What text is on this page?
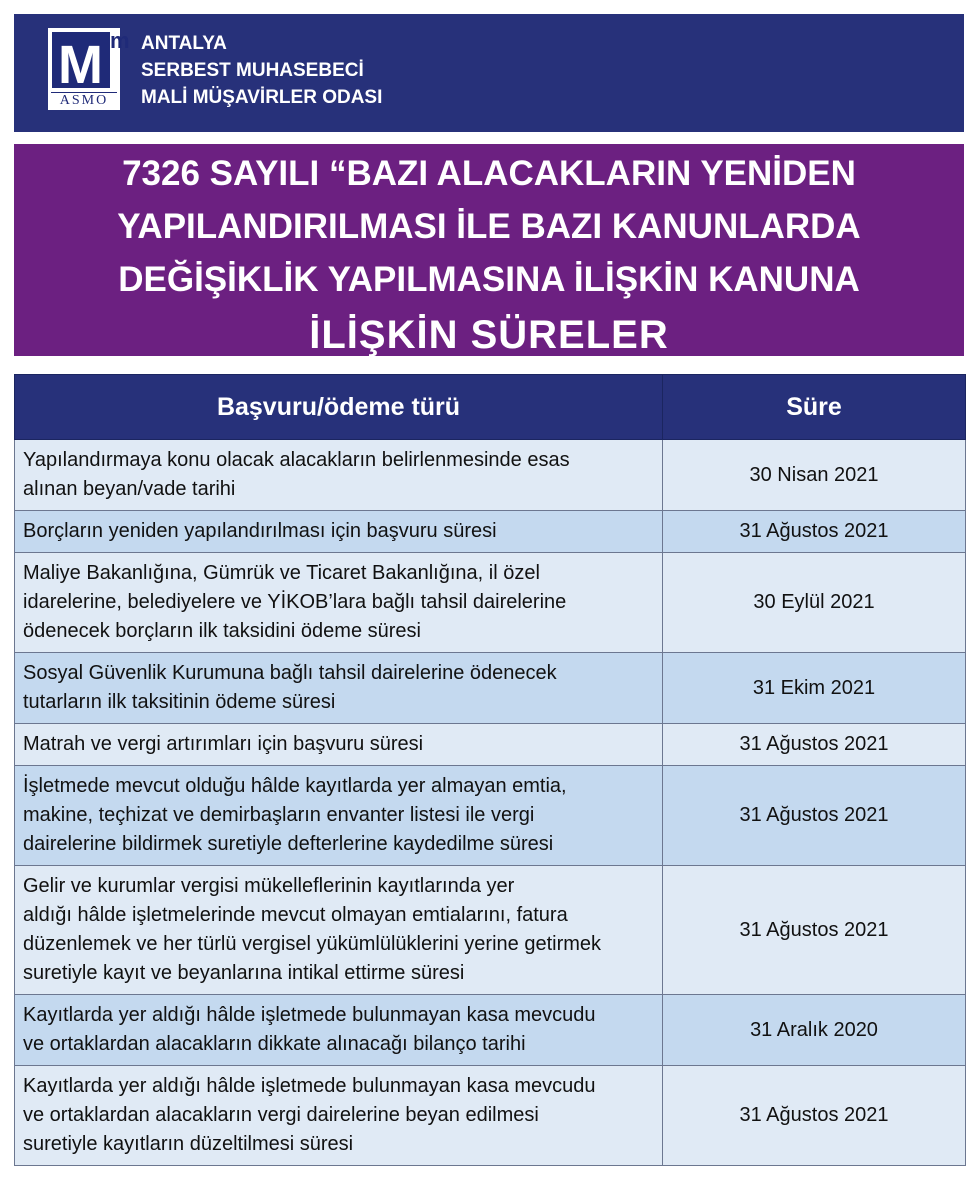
M m
ASMO
ANTALYA
SERBEST MUHASEBECİ
MALİ MÜŞAVİRLER ODASI
7326 SAYILI “BAZI ALACAKLARIN YENİDEN
YAPILANDIRILMASI İLE BAZI KANUNLARDA
DEĞİŞİKLİK YAPILMASINA İLİŞKİN KANUNA
İLİŞKİN SÜRELER
Başvuru/ödeme türü	Süre

Yapılandırmaya konu olacak alacakların belirlenmesinde esas
alınan beyan/vade tarihi	30 Nisan 2021

Borçların yeniden yapılandırılması için başvuru süresi	31 Ağustos 2021

Maliye Bakanlığına, Gümrük ve Ticaret Bakanlığına, il özel
idarelerine, belediyelere ve YİKOB’lara bağlı tahsil dairelerine
ödenecek borçların ilk taksidini ödeme süresi	30 Eylül 2021

Sosyal Güvenlik Kurumuna bağlı tahsil dairelerine ödenecek
tutarların ilk taksitinin ödeme süresi	31 Ekim 2021

Matrah ve vergi artırımları için başvuru süresi	31 Ağustos 2021

İşletmede mevcut olduğu hâlde kayıtlarda yer almayan emtia,
makine, teçhizat ve demirbaşların envanter listesi ile vergi
dairelerine bildirmek suretiyle defterlerine kaydedilme süresi	31 Ağustos 2021

Gelir ve kurumlar vergisi mükelleflerinin kayıtlarında yer
aldığı hâlde işletmelerinde mevcut olmayan emtialarını, fatura
düzenlemek ve her türlü vergisel yükümlülüklerini yerine getirmek
suretiyle kayıt ve beyanlarına intikal ettirme süresi	31 Ağustos 2021

Kayıtlarda yer aldığı hâlde işletmede bulunmayan kasa mevcudu
ve ortaklardan alacakların dikkate alınacağı bilanço tarihi	31 Aralık 2020

Kayıtlarda yer aldığı hâlde işletmede bulunmayan kasa mevcudu
ve ortaklardan alacakların vergi dairelerine beyan edilmesi
suretiyle kayıtların düzeltilmesi süresi	31 Ağustos 2021
